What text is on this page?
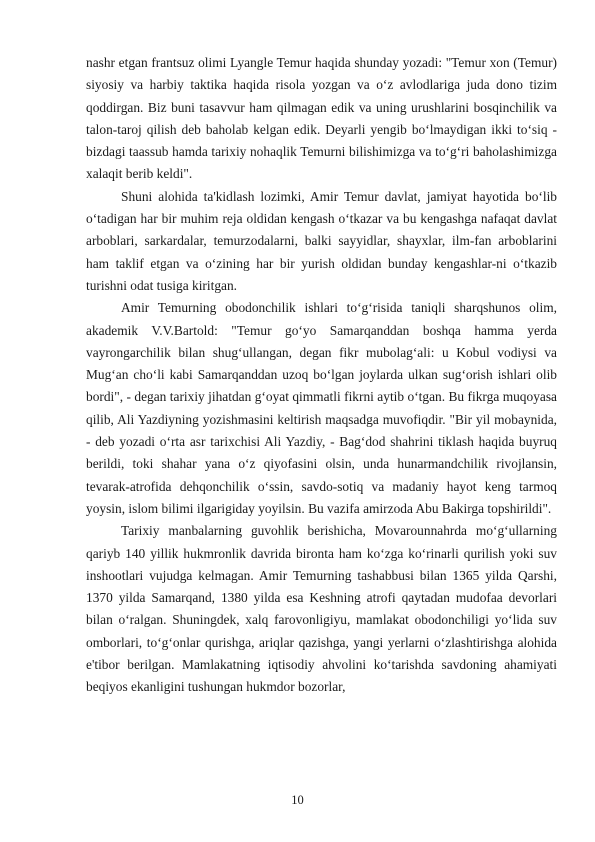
nashr etgan frantsuz olimi Lyangle Temur haqida shunday yozadi: "Temur xon (Temur) siyosiy va harbiy taktika haqida risola yozgan va o‘z avlodlariga juda dono tizim qoddirgan. Biz buni tasavvur ham qilmagan edik va uning urushlarini bosqinchilik va talon-taroj qilish deb baholab kelgan edik. Deyarli yengib bo‘lmaydigan ikki to‘siq - bizdagi taassub hamda tarixiy nohaqlik Temurni bilishimizga va to‘g‘ri baholashimizga xalaqit berib keldi".

Shuni alohida ta'kidlash lozimki, Amir Temur davlat, jamiyat hayotida bo‘lib o‘tadigan har bir muhim reja oldidan kengash o‘tkazar va bu kengashga nafaqat davlat arboblari, sarkardalar, temurzodalarni, balki sayyidlar, shayxlar, ilm-fan arboblarini ham taklif etgan va o‘zining har bir yurish oldidan bunday kengashlar-ni o‘tkazib turishni odat tusiga kiritgan.

Amir Temurning obodonchilik ishlari to‘g‘risida taniqli sharqshunos olim, akademik V.V.Bartold: "Temur go‘yo Samarqanddan boshqa hamma yerda vayrongarchilik bilan shug‘ullangan, degan fikr mubolag‘ali: u Kobul vodiysi va Mug‘an cho‘li kabi Samarqanddan uzoq bo‘lgan joylarda ulkan sug‘orish ishlari olib bordi", - degan tarixiy jihatdan g‘oyat qimmatli fikrni aytib o‘tgan. Bu fikrga muqoyasa qilib, Ali Yazdiyning yozishmasini keltirish maqsadga muvofiqdir. "Bir yil mobaynida, - deb yozadi o‘rta asr tarixchisi Ali Yazdiy, - Bag‘dod shahrini tiklash haqida buyruq berildi, toki shahar yana o‘z qiyofasini olsin, unda hunarmandchilik rivojlansin, tevarak-atrofida dehqonchilik o‘ssin, savdo-sotiq va madaniy hayot keng tarmoq yoysin, islom bilimi ilgarigiday yoyilsin. Bu vazifa amirzoda Abu Bakirga topshirildi".

Tarixiy manbalarning guvohlik berishicha, Movarounnahrda mo‘g‘ullarning qariyb 140 yillik hukmronlik davrida bironta ham ko‘zga ko‘rinarli qurilish yoki suv inshootlari vujudga kelmagan. Amir Temurning tashabbusi bilan 1365 yilda Qarshi, 1370 yilda Samarqand, 1380 yilda esa Keshning atrofi qaytadan mudofaa devorlari bilan o‘ralgan. Shuningdek, xalq farovonligiyu, mamlakat obodonchiligi yo‘lida suv omborlari, to‘g‘onlar qurishga, ariqlar qazishga, yangi yerlarni o‘zlashtirishga alohida e'tibor berilgan. Mamlakatning iqtisodiy ahvolini ko‘tarishda savdoning ahamiyati beqiyos ekanligini tushungan hukmdor bozorlar,

10
